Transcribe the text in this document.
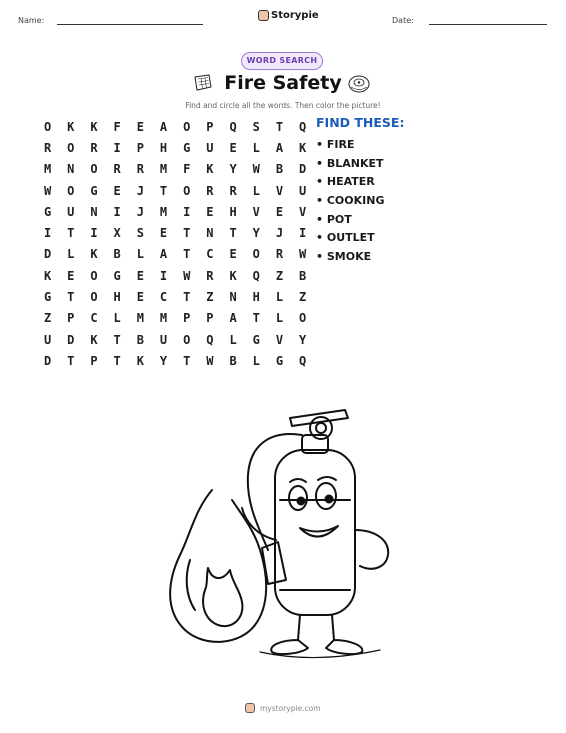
Name:	Storypie	Date:
WORD SEARCH
Fire Safety
Find and circle all the words. Then color the picture!
O	K	K	F	E	A	O	P	Q	S	T	Q
R	O	R	I	P	H	G	U	E	L	A	K
M	N	O	R	R	M	F	K	Y	W	B	D
W	O	G	E	J	T	O	R	R	L	V	U
G	U	N	I	J	M	I	E	H	V	E	V
I	T	I	X	S	E	T	N	T	Y	J	I
D	L	K	B	L	A	T	C	E	O	R	W
K	E	O	G	E	I	W	R	K	Q	Z	B
G	T	O	H	E	C	T	Z	N	H	L	Z
Z	P	C	L	M	M	P	P	A	T	L	O
U	D	K	T	B	U	O	Q	L	G	V	Y
D	T	P	T	K	Y	T	W	B	L	G	Q
FIND THESE:
• FIRE
• BLANKET
• HEATER
• COOKING
• POT
• OUTLET
• SMOKE
mystorypie.com
